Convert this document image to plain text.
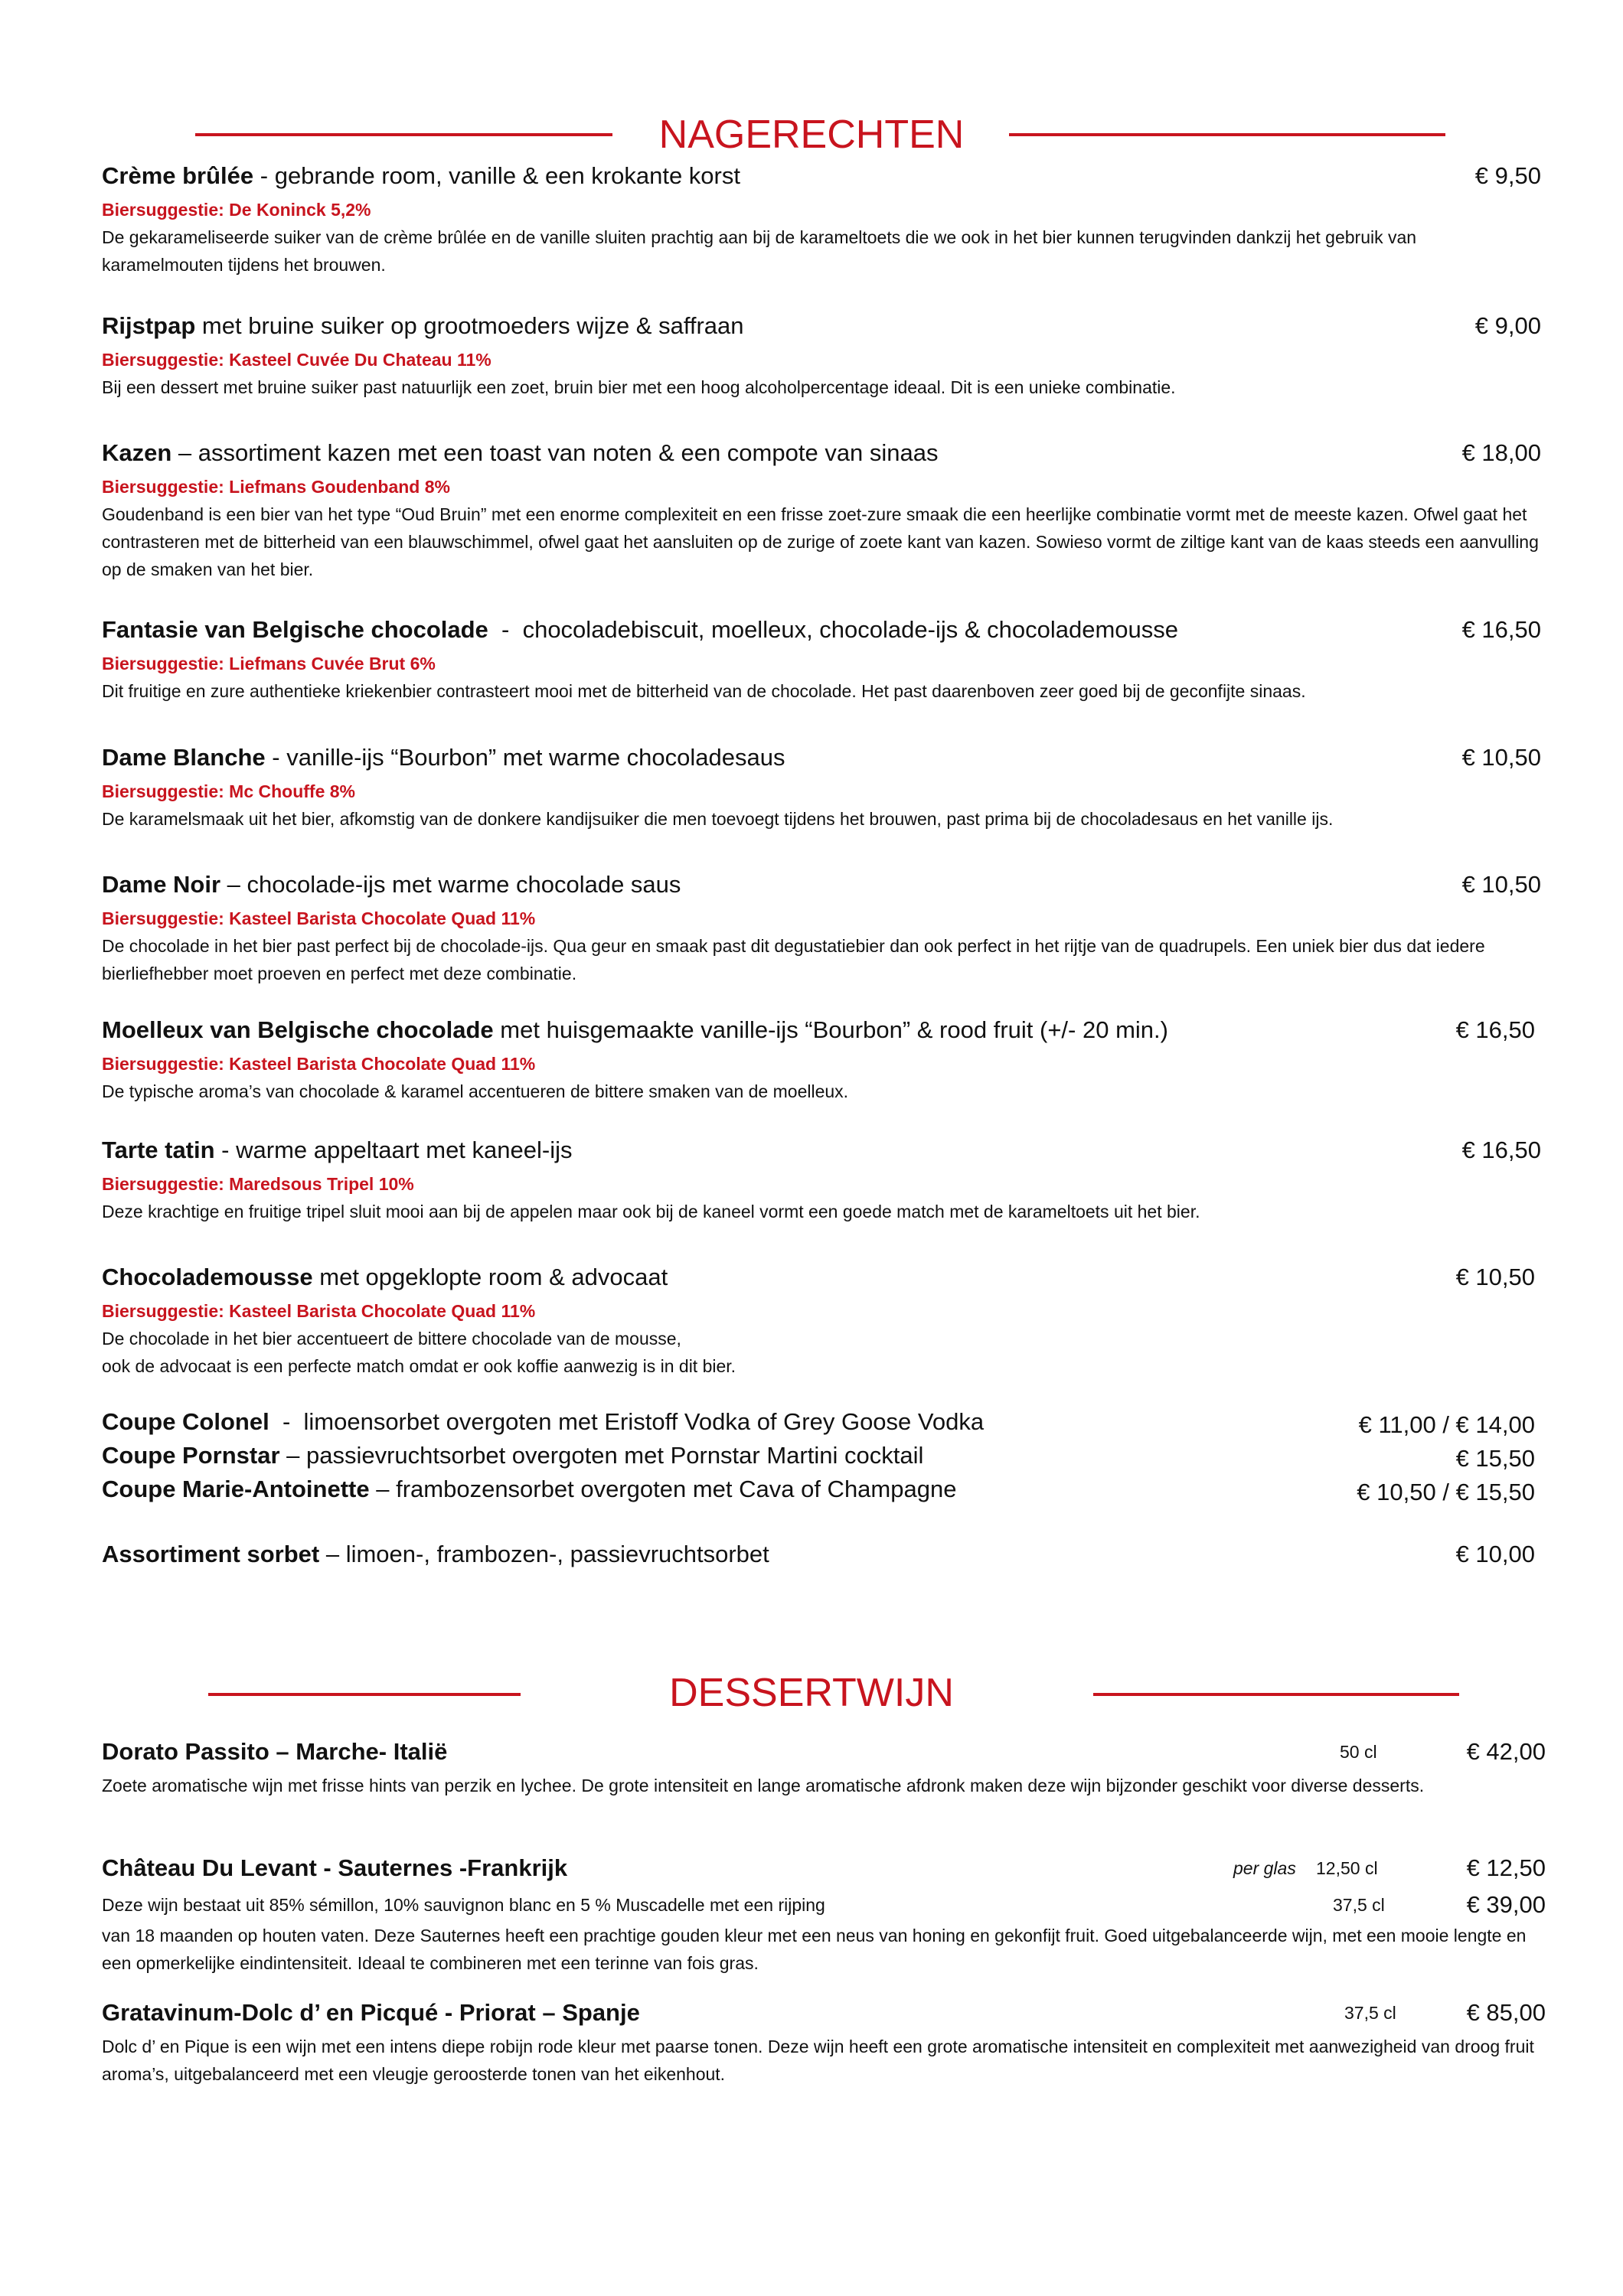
NAGERECHTEN
Crème brûlée - gebrande room, vanille & een krokante korst	€ 9,50
Biersuggestie: De Koninck 5,2%
De gekarameliseerde suiker van de crème brûlée en de vanille sluiten prachtig aan bij de karameltoets die we ook in het bier kunnen terugvinden dankzij het gebruik van karamelmouten tijdens het brouwen.
Rijstpap met bruine suiker op grootmoeders wijze & saffraan	€ 9,00
Biersuggestie: Kasteel Cuvée Du Chateau 11%
Bij een dessert met bruine suiker past natuurlijk een zoet, bruin bier met een hoog alcoholpercentage ideaal. Dit is een unieke combinatie.
Kazen – assortiment kazen met een toast van noten & een compote van sinaas	€ 18,00
Biersuggestie: Liefmans Goudenband 8%
Goudenband is een bier van het type “Oud Bruin” met een enorme complexiteit en een frisse zoet-zure smaak die een heerlijke combinatie vormt met de meeste kazen. Ofwel gaat het contrasteren met de bitterheid van een blauwschimmel, ofwel gaat het aansluiten op de zurige of zoete kant van kazen. Sowieso vormt de ziltige kant van de kaas steeds een aanvulling op de smaken van het bier.
Fantasie van Belgische chocolade  -  chocoladebiscuit, moelleux, chocolade-ijs & chocolademousse	€ 16,50
Biersuggestie: Liefmans Cuvée Brut 6%
Dit fruitige en zure authentieke kriekenbier contrasteert mooi met de bitterheid van de chocolade. Het past daarenboven zeer goed bij de geconfijte sinaas.
Dame Blanche - vanille-ijs “Bourbon” met warme chocoladesaus	€ 10,50
Biersuggestie: Mc Chouffe 8%
De karamelsmaak uit het bier, afkomstig van de donkere kandijsuiker die men toevoegt tijdens het brouwen, past prima bij de chocoladesaus en het vanille ijs.
Dame Noir – chocolade-ijs met warme chocolade saus	€ 10,50
Biersuggestie: Kasteel Barista Chocolate Quad 11%
De chocolade in het bier past perfect bij de chocolade-ijs. Qua geur en smaak past dit degustatiebier dan ook perfect in het rijtje van de quadrupels. Een uniek bier dus dat iedere bierliefhebber moet proeven en perfect met deze combinatie.
Moelleux van Belgische chocolade met huisgemaakte vanille-ijs “Bourbon” & rood fruit (+/- 20 min.)	€ 16,50
Biersuggestie: Kasteel Barista Chocolate Quad 11%
De typische aroma’s van chocolade & karamel accentueren de bittere smaken van de moelleux.
Tarte tatin - warme appeltaart met kaneel-ijs	€ 16,50
Biersuggestie: Maredsous Tripel 10%
Deze krachtige en fruitige tripel sluit mooi aan bij de appelen maar ook bij de kaneel vormt een goede match met de karameltoets uit het bier.
Chocolademousse met opgeklopte room & advocaat	€ 10,50
Biersuggestie: Kasteel Barista Chocolate Quad 11%
De chocolade in het bier accentueert de bittere chocolade van de mousse,
ook de advocaat is een perfecte match omdat er ook koffie aanwezig is in dit bier.
Coupe Colonel  -  limoensorbet overgoten met Eristoff Vodka of Grey Goose Vodka	€ 11,00 / € 14,00
Coupe Pornstar – passievruchtsorbet overgoten met Pornstar Martini cocktail	€ 15,50
Coupe Marie-Antoinette – frambozensorbet overgoten met Cava of Champagne	€ 10,50 / € 15,50
Assortiment sorbet – limoen-, frambozen-, passievruchtsorbet	€ 10,00
DESSERTWIJN
Dorato Passito – Marche- Italië	50 cl	€ 42,00
Zoete aromatische wijn met frisse hints van perzik en lychee. De grote intensiteit en lange aromatische afdronk maken deze wijn bijzonder geschikt voor diverse desserts.
Château Du Levant - Sauternes -Frankrijk	per glas 12,50 cl	€ 12,50
Deze wijn bestaat uit 85% sémillon, 10% sauvignon blanc en 5 % Muscadelle met een rijping	37,5 cl	€ 39,00
van 18 maanden op houten vaten. Deze Sauternes heeft een prachtige gouden kleur met een neus van honing en gekonfijt fruit. Goed uitgebalanceerde wijn, met een mooie lengte en een opmerkelijke eindintensiteit. Ideaal te combineren met een terinne van fois gras.
Gratavinum-Dolc d’ en Picqué - Priorat – Spanje	37,5 cl	€ 85,00
Dolc d’ en Pique is een wijn met een intens diepe robijn rode kleur met paarse tonen. Deze wijn heeft een grote aromatische intensiteit en complexiteit met aanwezigheid van droog fruit aroma’s, uitgebalanceerd met een vleugje geroosterde tonen van het eikenhout.
